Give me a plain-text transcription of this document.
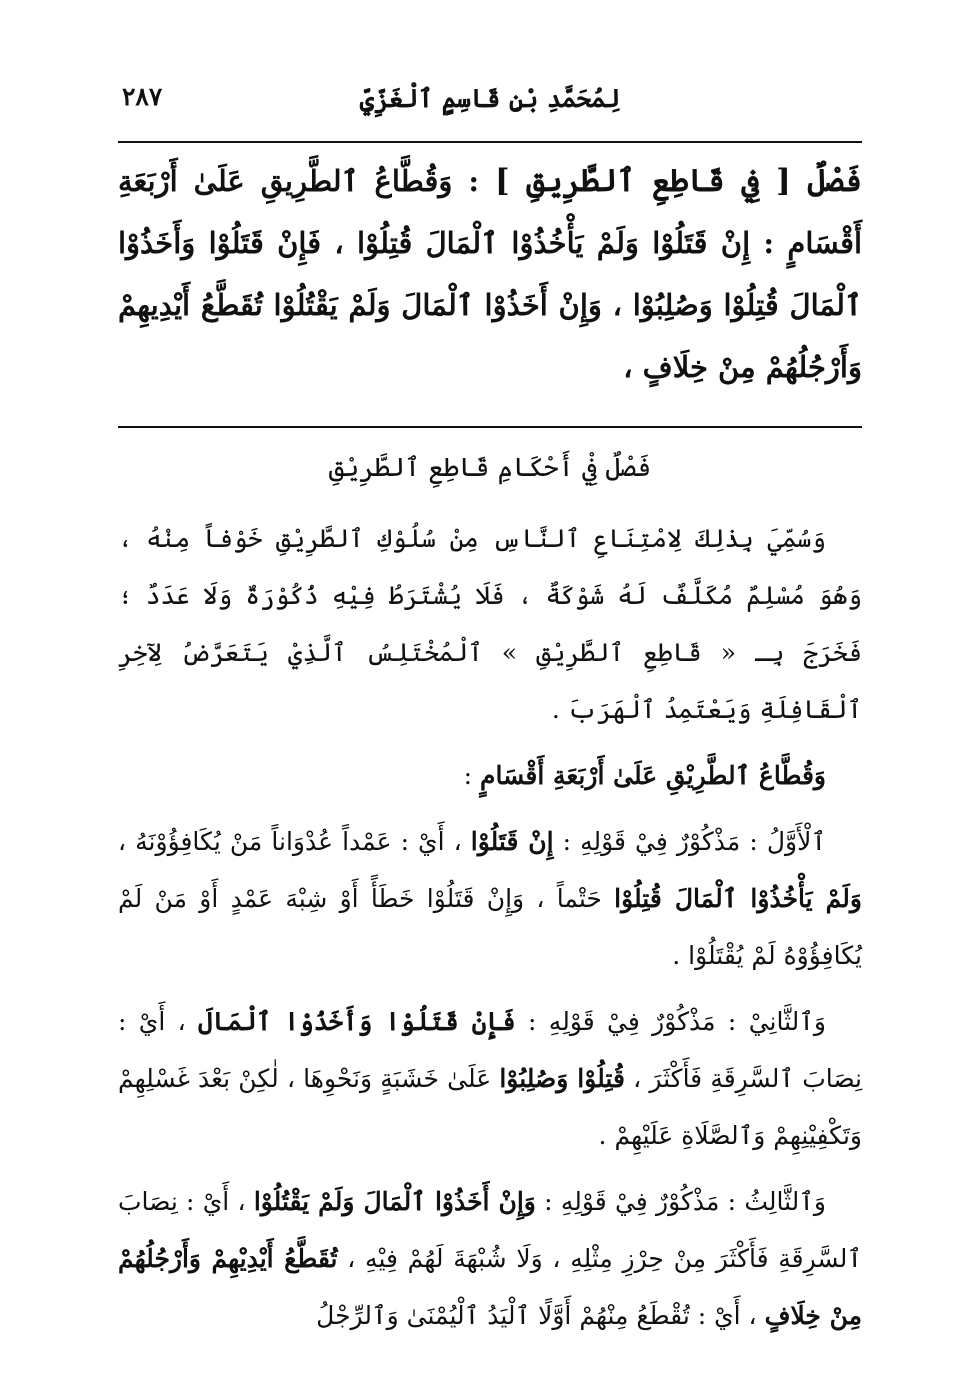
لِمُحَمَّدِ بْنِ قَاسِمٍ ٱلْغَزِّيِّ
٢٨٧
فَصْلٌ [ فِي قَاطِعِ ٱلطَّرِيقِ ] : وَقُطَّاعُ ٱلطَّرِيقِ عَلَىٰ أَرْبَعَةِ أَقْسَامٍ : إِنْ قَتَلُوْا وَلَمْ يَأْخُذُوْا ٱلْمَالَ قُتِلُوْا ، فَإِنْ قَتَلُوْا وَأَخَذُوْا ٱلْمَالَ قُتِلُوْا وَصُلِبُوْا ، وَإِنْ أَخَذُوْا ٱلْمَالَ وَلَمْ يَقْتُلُوْا تُقَطَّعُ أَيْدِيهِمْ وَأَرْجُلُهُمْ مِنْ خِلَافٍ ،
فَصْلٌ فِيْ أَحْكَامِ قَاطِعِ ٱلطَّرِيْقِ

وَسُمِّيَ بِذٰلِكَ لِامْتِنَاعِ ٱلنَّاسِ مِنْ سُلُوْكِ ٱلطَّرِيْقِ خَوْفاً مِنْهُ ، وَهُوَ مُسْلِمٌ مُكَلَّفٌ لَهُ شَوْكَةٌ ، فَلَا يُشْتَرَطُ فِيْهِ ذُكُوْرَةٌ وَلَا عَدَدٌ ؛ فَخَرَجَ بِـ « قَاطِعِ ٱلطَّرِيْقِ » ٱلْمُخْتَلِسُ ٱلَّذِيْ يَتَعَرَّضُ لِآخِرِ ٱلْقَافِلَةِ وَيَعْتَمِدُ ٱلْهَرَبَ .

وَقُطَّاعُ ٱلطَّرِيْقِ عَلَىٰ أَرْبَعَةِ أَقْسَامٍ :

ٱلْأَوَّلُ : مَذْكُوْرٌ فِيْ قَوْلِهِ : إِنْ قَتَلُوْا ، أَيْ : عَمْداً عُدْوَاناً مَنْ يُكَافِؤُوْنَهُ ، وَلَمْ يَأْخُذُوْا ٱلْمَالَ قُتِلُوْا حَتْماً ، وَإِنْ قَتَلُوْا خَطَأً أَوْ شِبْهَ عَمْدٍ أَوْ مَنْ لَمْ يُكَافِؤُوْهُ لَمْ يُقْتَلُوْا .

وَٱلثَّانِيْ : مَذْكُوْرٌ فِيْ قَوْلِهِ : فَإِنْ قَتَلُوْا وَأَخَذُوْا ٱلْمَالَ ، أَيْ : نِصَابَ ٱلسَّرِقَةِ فَأَكْثَرَ ، قُتِلُوْا وَصُلِبُوْا عَلَىٰ خَشَبَةٍ وَنَحْوِهَا ، لٰكِنْ بَعْدَ غَسْلِهِمْ وَتَكْفِيْنِهِمْ وَٱلصَّلَاةِ عَلَيْهِمْ .

وَٱلثَّالِثُ : مَذْكُوْرٌ فِيْ قَوْلِهِ : وَإِنْ أَخَذُوْا ٱلْمَالَ وَلَمْ يَقْتُلُوْا ، أَيْ : نِصَابَ ٱلسَّرِقَةِ فَأَكْثَرَ مِنْ حِرْزِ مِثْلِهِ ، وَلَا شُبْهَةَ لَهُمْ فِيْهِ ، تُقَطَّعُ أَيْدِيْهِمْ وَأَرْجُلُهُمْ مِنْ خِلَافٍ ، أَيْ : تُقْطَعُ مِنْهُمْ أَوَّلًا ٱلْيَدُ ٱلْيُمْنَىٰ وَٱلرِّجْلُ
